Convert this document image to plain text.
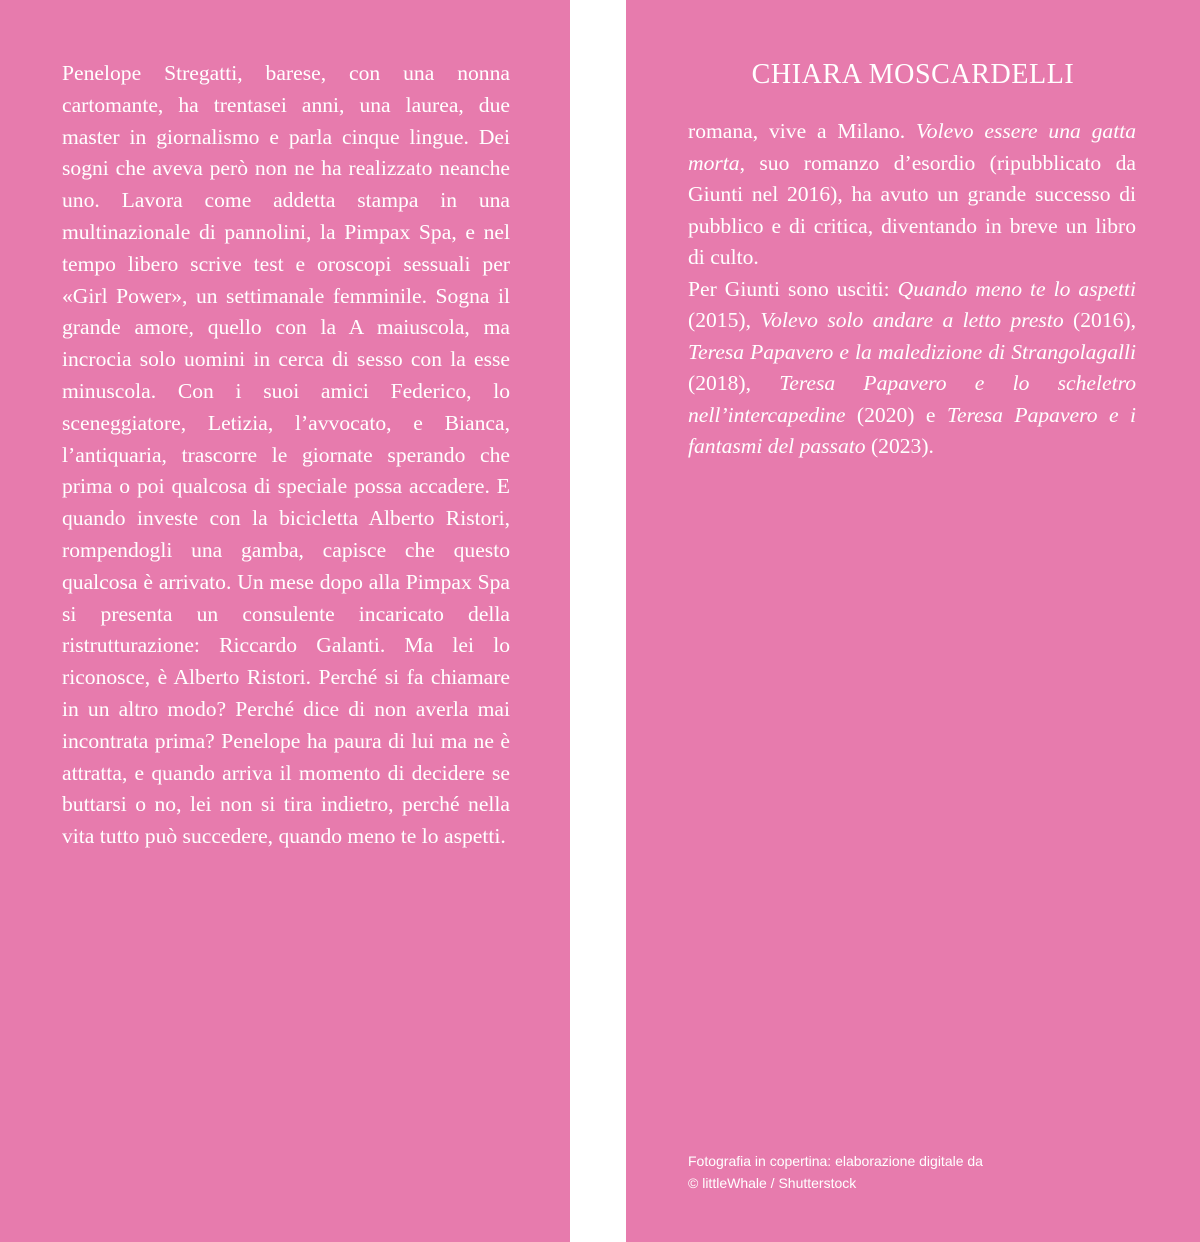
Penelope Stregatti, barese, con una nonna cartomante, ha trentasei anni, una laurea, due master in giornalismo e parla cinque lingue. Dei sogni che aveva però non ne ha realizzato neanche uno. Lavora come addetta stampa in una multinazionale di pannolini, la Pimpax Spa, e nel tempo libero scrive test e oroscopi sessuali per «Girl Power», un settimanale femminile. Sogna il grande amore, quello con la A maiuscola, ma incrocia solo uomini in cerca di sesso con la esse minuscola. Con i suoi amici Federico, lo sceneggiatore, Letizia, l’avvocato, e Bianca, l’antiquaria, trascorre le giornate sperando che prima o poi qualcosa di speciale possa accadere. E quando investe con la bicicletta Alberto Ristori, rompendogli una gamba, capisce che questo qualcosa è arrivato. Un mese dopo alla Pimpax Spa si presenta un consulente incaricato della ristrutturazione: Riccardo Galanti. Ma lei lo riconosce, è Alberto Ristori. Perché si fa chiamare in un altro modo? Perché dice di non averla mai incontrata prima? Penelope ha paura di lui ma ne è attratta, e quando arriva il momento di decidere se buttarsi o no, lei non si tira indietro, perché nella vita tutto può succedere, quando meno te lo aspetti.

CHIARA MOSCARDELLI

romana, vive a Milano. Volevo essere una gatta morta, suo romanzo d’esordio (ripubblicato da Giunti nel 2016), ha avuto un grande successo di pubblico e di critica, diventando in breve un libro di culto.

Per Giunti sono usciti: Quando meno te lo aspetti (2015), Volevo solo andare a letto presto (2016), Teresa Papavero e la maledizione di Strangolagalli (2018), Teresa Papavero e lo scheletro nell’intercapedine (2020) e Teresa Papavero e i fantasmi del passato (2023).

Fotografia in copertina: elaborazione digitale da
© littleWhale / Shutterstock
